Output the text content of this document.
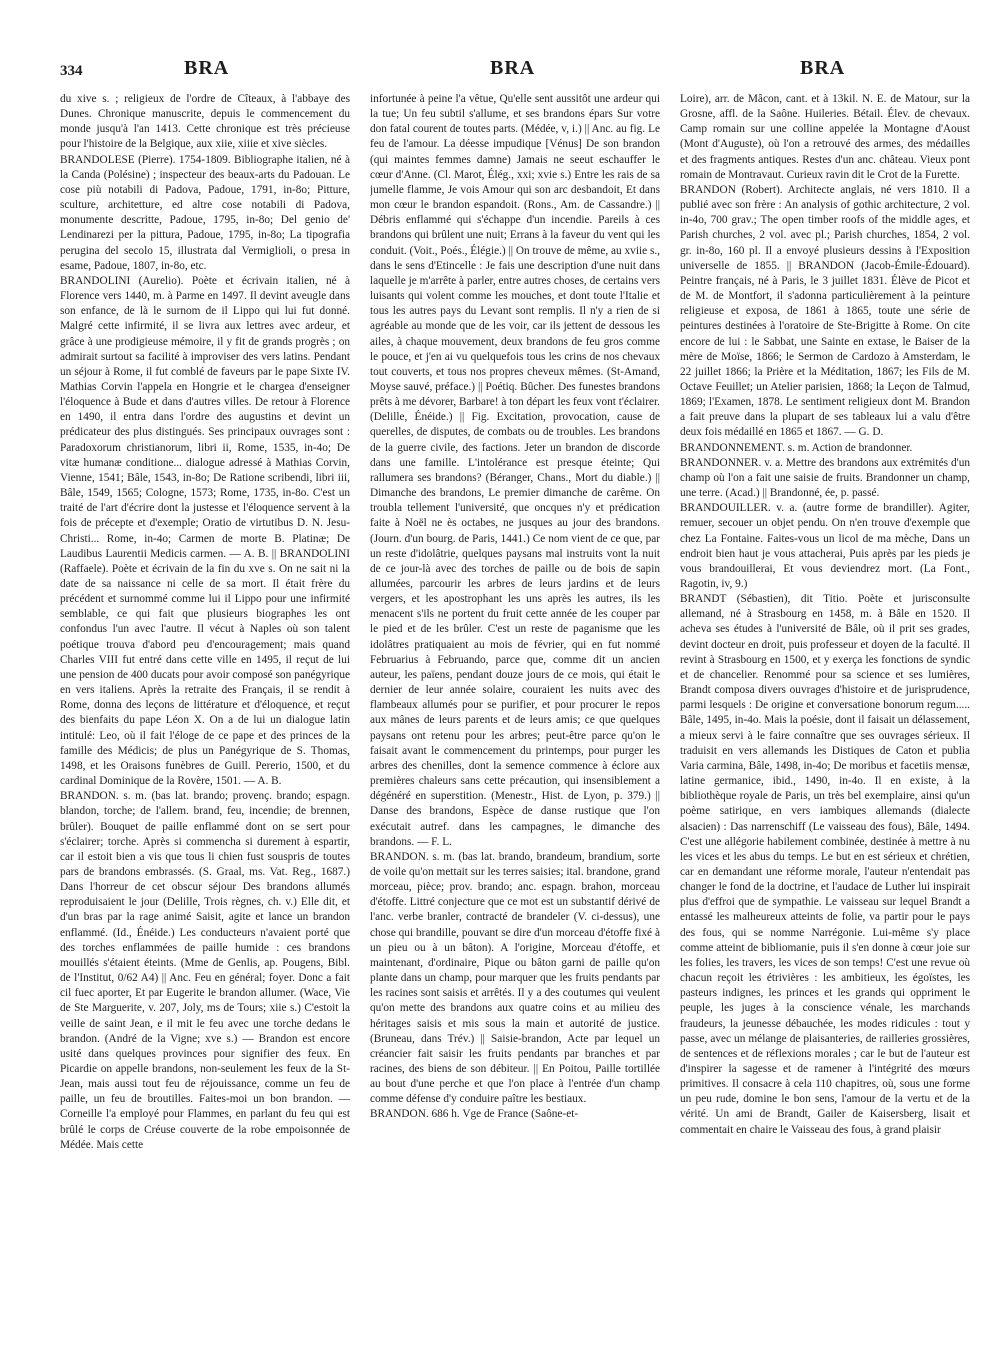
334	BRA	BRA	BRA

du xive s. ; religieux de l'ordre de Cîteaux, à l'abbaye des Dunes. Chronique manuscrite, depuis le commencement du monde jusqu'à l'an 1413. Cette chronique est très précieuse pour l'histoire de la Belgique, aux xiie, xiiie et xive siècles.

BRANDOLESE (Pierre). 1754-1809. Bibliographe italien, né à la Canda (Polésine) ; inspecteur des beaux-arts du Padouan. Le cose più notabili di Padova, Padoue, 1791, in-8o; Pitture, sculture, architetture, ed altre cose notabili di Padova, monumente descritte, Padoue, 1795, in-8o; Del genio de' Lendinarezi per la pittura, Padoue, 1795, in-8o; La tipografia perugina del secolo 15, illustrata dal Vermiglioli, o presa in esame, Padoue, 1807, in-8o, etc.

BRANDOLINI (Aurelio). Poète et écrivain italien, né à Florence vers 1440, m. à Parme en 1497. Il devint aveugle dans son enfance, de là le surnom de il Lippo qui lui fut donné. Malgré cette infirmité, il se livra aux lettres avec ardeur, et grâce à une prodigieuse mémoire, il y fit de grands progrès ; on admirait surtout sa facilité à improviser des vers latins. Pendant un séjour à Rome, il fut comblé de faveurs par le pape Sixte IV. Mathias Corvin l'appela en Hongrie et le chargea d'enseigner l'éloquence à Bude et dans d'autres villes. De retour à Florence en 1490, il entra dans l'ordre des augustins et devint un prédicateur des plus distingués. Ses principaux ouvrages sont : Paradoxorum christianorum, libri ii, Rome, 1535, in-4o; De vitæ humanæ conditione... dialogue adressé à Mathias Corvin, Vienne, 1541; Bâle, 1543, in-8o; De Ratione scribendi, libri iii, Bâle, 1549, 1565; Cologne, 1573; Rome, 1735, in-8o. C'est un traité de l'art d'écrire dont la justesse et l'éloquence servent à la fois de précepte et d'exemple; Oratio de virtutibus D. N. Jesu-Christi... Rome, in-4o; Carmen de morte B. Platinæ; De Laudibus Laurentii Medicis carmen. — A. B. || BRANDOLINI (Raffaele). Poète et écrivain de la fin du xve s. On ne sait ni la date de sa naissance ni celle de sa mort. Il était frère du précédent et surnommé comme lui il Lippo pour une infirmité semblable, ce qui fait que plusieurs biographes les ont confondus l'un avec l'autre. Il vécut à Naples où son talent poétique trouva d'abord peu d'encouragement; mais quand Charles VIII fut entré dans cette ville en 1495, il reçut de lui une pension de 400 ducats pour avoir composé son panégyrique en vers italiens. Après la retraite des Français, il se rendit à Rome, donna des leçons de littérature et d'éloquence, et reçut des bienfaits du pape Léon X. On a de lui un dialogue latin intitulé: Leo, où il fait l'éloge de ce pape et des princes de la famille des Médicis; de plus un Panégyrique de S. Thomas, 1498, et les Oraisons funèbres de Guill. Pererio, 1500, et du cardinal Dominique de la Rovère, 1501. — A. B.

BRANDON. s. m. (bas lat. brando; provenç. brando; espagn. blandon, torche; de l'allem. brand, feu, incendie; de brennen, brûler). Bouquet de paille enflammé dont on se sert pour s'éclairer; torche. Après si commencha si durement à espartir, car il estoit bien a vis que tous li chien fust souspris de toutes pars de brandons embrassés. (S. Graal, ms. Vat. Reg., 1687.) Dans l'horreur de cet obscur séjour Des brandons allumés reproduisaient le jour (Delille, Trois règnes, ch. v.) Elle dit, et d'un bras par la rage animé Saisit, agite et lance un brandon enflammé. (Id., Énéide.) Les conducteurs n'avaient porté que des torches enflammées de paille humide : ces brandons mouillés s'étaient éteints. (Mme de Genlis, ap. Pougens, Bibl. de l'Institut, 0/62 A4) || Anc. Feu en général; foyer. Donc a fait cil fuec aporter, Et par Eugerite le brandon allumer. (Wace, Vie de Ste Marguerite, v. 207, Joly, ms de Tours; xiie s.) C'estoit la veille de saint Jean, e il mit le feu avec une torche dedans le brandon. (André de la Vigne; xve s.) — Brandon est encore usité dans quelques provinces pour signifier des feux. En Picardie on appelle brandons, non-seulement les feux de la St-Jean, mais aussi tout feu de réjouissance, comme un feu de paille, un feu de broutilles. Faites-moi un bon brandon. — Corneille l'a employé pour Flammes, en parlant du feu qui est brûlé le corps de Créuse couverte de la robe empoisonnée de Médée. Mais cette

infortunée à peine l'a vêtue, Qu'elle sent aussitôt une ardeur qui la tue; Un feu subtil s'allume, et ses brandons épars Sur votre don fatal courent de toutes parts. (Médée, v, i.) || Anc. au fig. Le feu de l'amour. La déesse impudique [Vénus] De son brandon (qui maintes femmes damne) Jamais ne seeut eschauffer le cœur d'Anne. (Cl. Marot, Élég., xxi; xvie s.) Entre les rais de sa jumelle flamme, Je vois Amour qui son arc desbandoit, Et dans mon cœur le brandon espandoit. (Rons., Am. de Cassandre.) || Débris enflammé qui s'échappe d'un incendie. Pareils à ces brandons qui brûlent une nuit; Errans à la faveur du vent qui les conduit. (Voit., Poés., Élégie.) || On trouve de même, au xviie s., dans le sens d'Etincelle : Je fais une description d'une nuit dans laquelle je m'arrête à parler, entre autres choses, de certains vers luisants qui volent comme les mouches, et dont toute l'Italie et tous les autres pays du Levant sont remplis. Il n'y a rien de si agréable au monde que de les voir, car ils jettent de dessous les ailes, à chaque mouvement, deux brandons de feu gros comme le pouce, et j'en ai vu quelquefois tous les crins de nos chevaux tout couverts, et tous nos propres cheveux mêmes. (St-Amand, Moyse sauvé, préface.) || Poétiq. Bûcher. Des funestes brandons prêts à me dévorer, Barbare! à ton départ les feux vont t'éclairer. (Delille, Énéide.) || Fig. Excitation, provocation, cause de querelles, de disputes, de combats ou de troubles. Les brandons de la guerre civile, des factions. Jeter un brandon de discorde dans une famille. L'intolérance est presque éteinte; Qui rallumera ses brandons? (Béranger, Chans., Mort du diable.) || Dimanche des brandons, Le premier dimanche de carême. On troubla tellement l'université, que oncques n'y et prédication faite à Noël ne ès octabes, ne jusques au jour des brandons. (Journ. d'un bourg. de Paris, 1441.) Ce nom vient de ce que, par un reste d'idolâtrie, quelques paysans mal instruits vont la nuit de ce jour-là avec des torches de paille ou de bois de sapin allumées, parcourir les arbres de leurs jardins et de leurs vergers, et les apostrophant les uns après les autres, ils les menacent s'ils ne portent du fruit cette année de les couper par le pied et de les brûler. C'est un reste de paganisme que les idolâtres pratiquaient au mois de février, qui en fut nommé Februarius à Februando, parce que, comme dit un ancien auteur, les païens, pendant douze jours de ce mois, qui était le dernier de leur année solaire, couraient les nuits avec des flambeaux allumés pour se purifier, et pour procurer le repos aux mânes de leurs parents et de leurs amis; ce que quelques paysans ont retenu pour les arbres; peut-être parce qu'on le faisait avant le commencement du printemps, pour purger les arbres des chenilles, dont la semence commence à éclore aux premières chaleurs sans cette précaution, qui insensiblement a dégénéré en superstition. (Menestr., Hist. de Lyon, p. 379.) || Danse des brandons, Espèce de danse rustique que l'on exécutait autref. dans les campagnes, le dimanche des brandons. — F. L.

BRANDON. s. m. (bas lat. brando, brandeum, brandium, sorte de voile qu'on mettait sur les terres saisies; ital. brandone, grand morceau, pièce; prov. brando; anc. espagn. brahon, morceau d'étoffe. Littré conjecture que ce mot est un substantif dérivé de l'anc. verbe branler, contracté de brandeler (V. ci-dessus), une chose qui brandille, pouvant se dire d'un morceau d'étoffe fixé à un pieu ou à un bâton). A l'origine, Morceau d'étoffe, et maintenant, d'ordinaire, Pique ou bâton garni de paille qu'on plante dans un champ, pour marquer que les fruits pendants par les racines sont saisis et arrêtés. Il y a des coutumes qui veulent qu'on mette des brandons aux quatre coins et au milieu des héritages saisis et mis sous la main et autorité de justice. (Bruneau, dans Trév.) || Saisie-brandon, Acte par lequel un créancier fait saisir les fruits pendants par branches et par racines, des biens de son débiteur. || En Poitou, Paille tortillée au bout d'une perche et que l'on place à l'entrée d'un champ comme défense d'y conduire paître les bestiaux.

BRANDON. 686 h. Vge de France (Saône-et-

Loire), arr. de Mâcon, cant. et à 13kil. N. E. de Matour, sur la Grosne, affl. de la Saône. Huileries. Bétail. Élev. de chevaux. Camp romain sur une colline appelée la Montagne d'Aoust (Mont d'Auguste), où l'on a retrouvé des armes, des médailles et des fragments antiques. Restes d'un anc. château. Vieux pont romain de Montravaut. Curieux ravin dit le Crot de la Furette.

BRANDON (Robert). Architecte anglais, né vers 1810. Il a publié avec son frère : An analysis of gothic architecture, 2 vol. in-4o, 700 grav.; The open timber roofs of the middle ages, et Parish churches, 2 vol. avec pl.; Parish churches, 1854, 2 vol. gr. in-8o, 160 pl. Il a envoyé plusieurs dessins à l'Exposition universelle de 1855. || BRANDON (Jacob-Émile-Édouard). Peintre français, né à Paris, le 3 juillet 1831. Élève de Picot et de M. de Montfort, il s'adonna particulièrement à la peinture religieuse et exposa, de 1861 à 1865, toute une série de peintures destinées à l'oratoire de Ste-Brigitte à Rome. On cite encore de lui : le Sabbat, une Sainte en extase, le Baiser de la mère de Moïse, 1866; le Sermon de Cardozo à Amsterdam, le 22 juillet 1866; la Prière et la Méditation, 1867; les Fils de M. Octave Feuillet; un Atelier parisien, 1868; la Leçon de Talmud, 1869; l'Examen, 1878. Le sentiment religieux dont M. Brandon a fait preuve dans la plupart de ses tableaux lui a valu d'être deux fois médaillé en 1865 et 1867. — G. D.

BRANDONNEMENT. s. m. Action de brandonner.

BRANDONNER. v. a. Mettre des brandons aux extrémités d'un champ où l'on a fait une saisie de fruits. Brandonner un champ, une terre. (Acad.) || Brandonné, ée, p. passé.

BRANDOUILLER. v. a. (autre forme de brandiller). Agiter, remuer, secouer un objet pendu. On n'en trouve d'exemple que chez La Fontaine. Faites-vous un licol de ma mèche, Dans un endroit bien haut je vous attacherai, Puis après par les pieds je vous brandouillerai, Et vous deviendrez mort. (La Font., Ragotin, iv, 9.)

BRANDT (Sébastien), dit Titio. Poète et jurisconsulte allemand, né à Strasbourg en 1458, m. à Bâle en 1520. Il acheva ses études à l'université de Bâle, où il prit ses grades, devint docteur en droit, puis professeur et doyen de la faculté. Il revint à Strasbourg en 1500, et y exerça les fonctions de syndic et de chancelier. Renommé pour sa science et ses lumières, Brandt composa divers ouvrages d'histoire et de jurisprudence, parmi lesquels : De origine et conversatione bonorum regum..... Bâle, 1495, in-4o. Mais la poésie, dont il faisait un délassement, a mieux servi à le faire connaître que ses ouvrages sérieux. Il traduisit en vers allemands les Distiques de Caton et publia Varia carmina, Bâle, 1498, in-4o; De moribus et facetiis mensæ, latine germanice, ibid., 1490, in-4o. Il en existe, à la bibliothèque royale de Paris, un très bel exemplaire, ainsi qu'un poème satirique, en vers iambiques allemands (dialecte alsacien) : Das narrenschiff (Le vaisseau des fous), Bâle, 1494. C'est une allégorie habilement combinée, destinée à mettre à nu les vices et les abus du temps. Le but en est sérieux et chrétien, car en demandant une réforme morale, l'auteur n'entendait pas changer le fond de la doctrine, et l'audace de Luther lui inspirait plus d'effroi que de sympathie. Le vaisseau sur lequel Brandt a entassé les malheureux atteints de folie, va partir pour le pays des fous, qui se nomme Narrégonie. Lui-même s'y place comme atteint de bibliomanie, puis il s'en donne à cœur joie sur les folies, les travers, les vices de son temps! C'est une revue où chacun reçoit les étrivières : les ambitieux, les égoïstes, les pasteurs indignes, les princes et les grands qui oppriment le peuple, les juges à la conscience vénale, les marchands fraudeurs, la jeunesse débauchée, les modes ridicules : tout y passe, avec un mélange de plaisanteries, de railleries grossières, de sentences et de réflexions morales ; car le but de l'auteur est d'inspirer la sagesse et de ramener à l'intégrité des mœurs primitives. Il consacre à cela 110 chapitres, où, sous une forme un peu rude, domine le bon sens, l'amour de la vertu et de la vérité. Un ami de Brandt, Gailer de Kaisersberg, lisait et commentait en chaire le Vaisseau des fous, à grand plaisir
